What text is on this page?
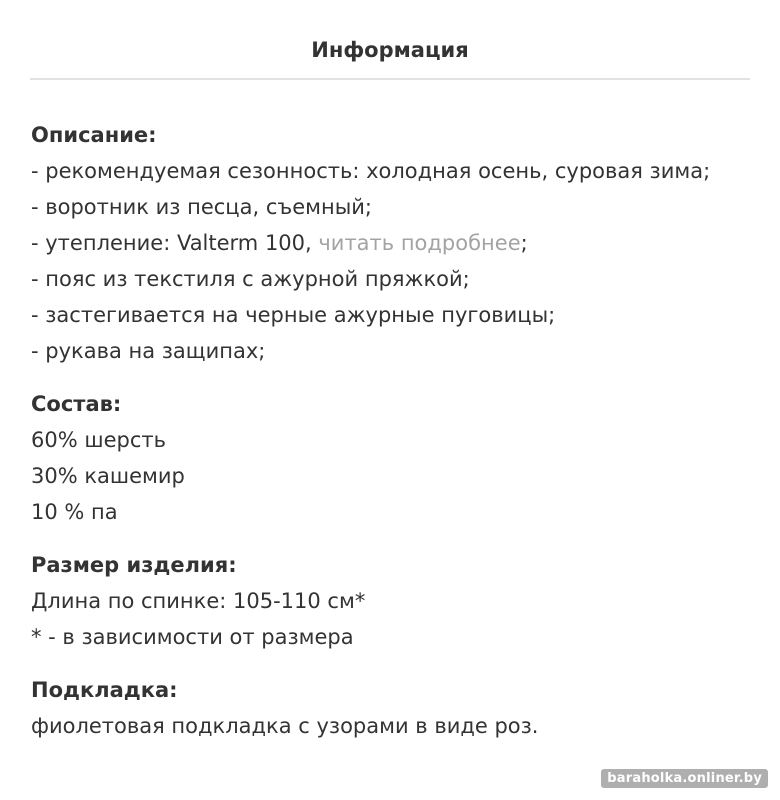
Информация

Описание:

- рекомендуемая сезонность: холодная осень, суровая зима;

- воротник из песца, съемный;

- утепление: Valterm 100, читать подробнее;

- пояс из текстиля с ажурной пряжкой;

- застегивается на черные ажурные пуговицы;

- рукава на защипах;

Состав:

60% шерсть

30% кашемир

10 % па

Размер изделия:

Длина по спинке: 105-110 см*

* - в зависимости от размера

Подкладка:

фиолетовая подкладка с узорами в виде роз.

baraholka.onliner.by
